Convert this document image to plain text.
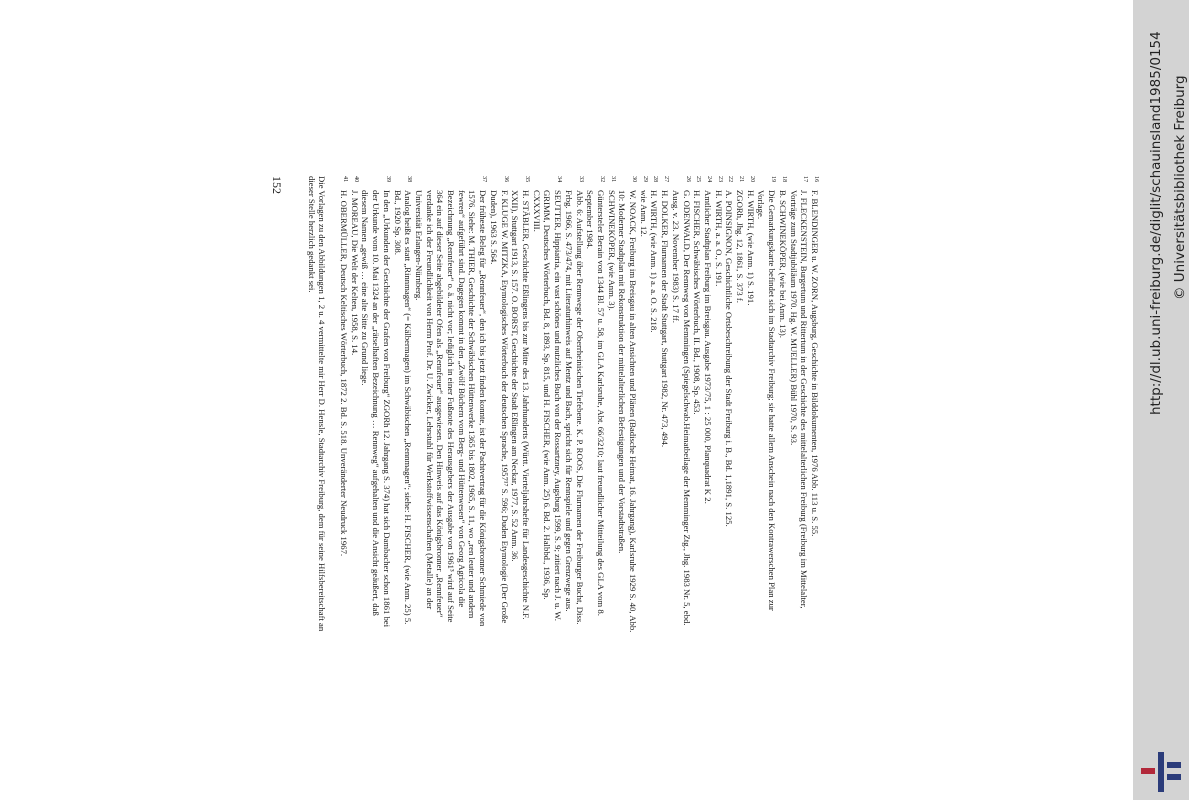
16
F. BLENDINGER u. W. ZORN, Augsburg, Geschichte in Bilddokumenten, 1976 Abb. 113 u. S. 55.
17
J. FLECKENSTEIN, Burgertum und Rittertum in der Geschichte des mittelalterlichen Freiburg (Freiburg im Mittelalter, Vorträge zum Stadtjubiläum 1970. Hg. W. MUELLER) Bühl 1970, S. 93.
18
B. SCHWINEKÖPER, (wie bei Anm. 13).
19
Die Gemarkungskarte befindet sich im Stadtarchiv Freiburg; sie hatte allem Anschein nach den Kontrawerschen Plan zur Vorlage.
20
H. WIRTH, (wie Anm. 1) S. 191.
21
ZGORh, Jhg. 12, 1861, S. 373 f.
22
A. POINSIGNON, Geschichtliche Ortsbeschreibung der Stadt Freiburg i. B., Bd. 1,1891, S. 125.
23
H. WIRTH, a. a. O., S. 191.
24
Amtlicher Stadtplan Freiburg im Breisgau. Ausgabe 1973/75, 1 : 25 000, Planquadrat K 2.
25
H. FISCHER, Schwäbisches Wörterbuch, II. Bd., 1908, Sp. 453.
26
G. ODENWALD, Der Rennweg von Memmingen (Spiegelschwab.Heimatbeilage der Memminger Ztg., Jhg. 1983 Nr. 5, ebd. Ausg. v. 23. November 1983) S. 17 ff.
27
H. DOLKER, Flurnamen der Stadt Stuttgart, Stuttgart 1982, Nr. 473, 494.
28
H. WIRTH, (wie Anm. 1) a. a. O. S. 218.
29
wie Anm. 12.
30
W. NOACK, Freiburg im Breisgau in alten Ansichten und Plänen (Badische Heimat, 16. Jahrgang), Karlsruhe 1929 S. 40, Abb. 10: Moderner Stadtplan mit Rekonstruktion der mittelalterlichen Befestigungen und der Vorstadtstraßen.
31
SCHWINEKÖPER, (wie Anm. 3).
32
Güntersteler Berain von 1344 Bl. 57 u. 58, im GLA Karlsruhe, Abt. 66/3210; laut freundlicher Mitteilung des GLA vom 8. September 1984.
33
Abb. 6: Aufstellung über Rennwege der Oberrheinischen Tiefebene. K. P. ROOS, Die Flurnamen der Freiburger Bucht, Diss. Frbg. 1966, S. 473/474, mit Literaturhinweis auf Mentz und Bach, spricht sich für Rennspiele und gegen Grenzwege aus.
34
SEUTTER, Hippiatria, ein vast schönes und nutzliches Buch von der Rossartzney, Augsburg 1599, S. 9; zitiert nach J. u. W. GRIMM, Deutsches Wörterbuch, Bd. 8, 1893, Sp. 815, und H. FISCHER, (wie Anm. 25) 6. Bd. 2. Halbbd., 1936, Sp. CXXXVIII.
35
H. STÄBLER, Geschichte Eßlingens bis zur Mitte des 13. Jahrhunderts (Württ. Vierteljahrshefte für Landesgeschichte N.F. XXII), Stuttgart 1913, S. 157. O. BORST, Geschichte der Stadt Eßlingen am Neckar, 1977, S. 52 Anm. 36.
36
F. KLUGE W. MITZKA, Etymologisches Wörterbuch der deutschen Sprache, 1957¹⁷ S. 596; Duden Etymologie (Der Große Duden), 1963 S. 564.
37
Der früheste Beleg für „Rennfeuer“, den ich bis jetzt finden konnte, ist der Pachtvertrag für die Königsbronner Schmiede von 1576. Siehe: M. THIER, Geschichte der Schwäbischen Hüttenwerke 1365 bis 1802, 1965, S. 11, wo „ren leuter und andern fewren“ aufgeführt sind. Dagegen kommt in den „Zwölf Büchern vom Berg- und Hüttenwesen“ von Georg Agricola die Bezeichnung „Rennfeuer“ o. ä. nicht vor; lediglich in einer Fußnote des Herausgebers der Ausgabe von 1961³ wird auf Seite 364 ein auf dieser Seite abgebildeter Ofen als „Rennfeuer“ ausgewiesen. Den Hinweis auf das Königsbronner „Rennfeuer“ verdanke ich der Freundlichkeit von Herrn Prof. Dr. U. Zwicker, Lehrstuhl für Werkstoffwissenschaften (Metalle) an der Universität Erlangen-Nürnberg.
38
Analog heißt es statt „Rinnmagen“ (= Kälbermagen) im Schwäbischen „Rennmagen“; siehe: H. FISCHER, (wie Anm. 25) 5. Bd., 1920 Sp. 308.
39
In den „Urkunden der Geschichte der Grafen von Freiburg“ ZGORh 12. Jahrgang S. 374) hat sich Dambacher schon 1861 bei der Urkunde vom 10. Mai 1324 an der „rätselhaften Bezeichnung … Rennweg“ aufgehalten und die Ansicht geäußert, daß diesem Namen „gewiß … eine alte Sitte zu Grund liege.
40
J. MOREAU, Die Welt der Kelten, 1958, S. 14.
41
H. OBERMÜLLER, Deutsch Keltisches Wörterbuch, 1872 2. Bd. S. 518. Unveränderter Neudruck 1967.
Die Vorlagen zu den Abbildungen 1, 2 u. 4 vermittelte mir Herr D. Hensle, Stadtarchiv Freiburg, dem für seine Hilfsbereitschaft an dieser Stelle herzlich gedankt sei.
152	http://dl.ub.uni-freiburg.de/diglit/schauinsland1985/0154 © Universitätsbibliothek Freiburg
